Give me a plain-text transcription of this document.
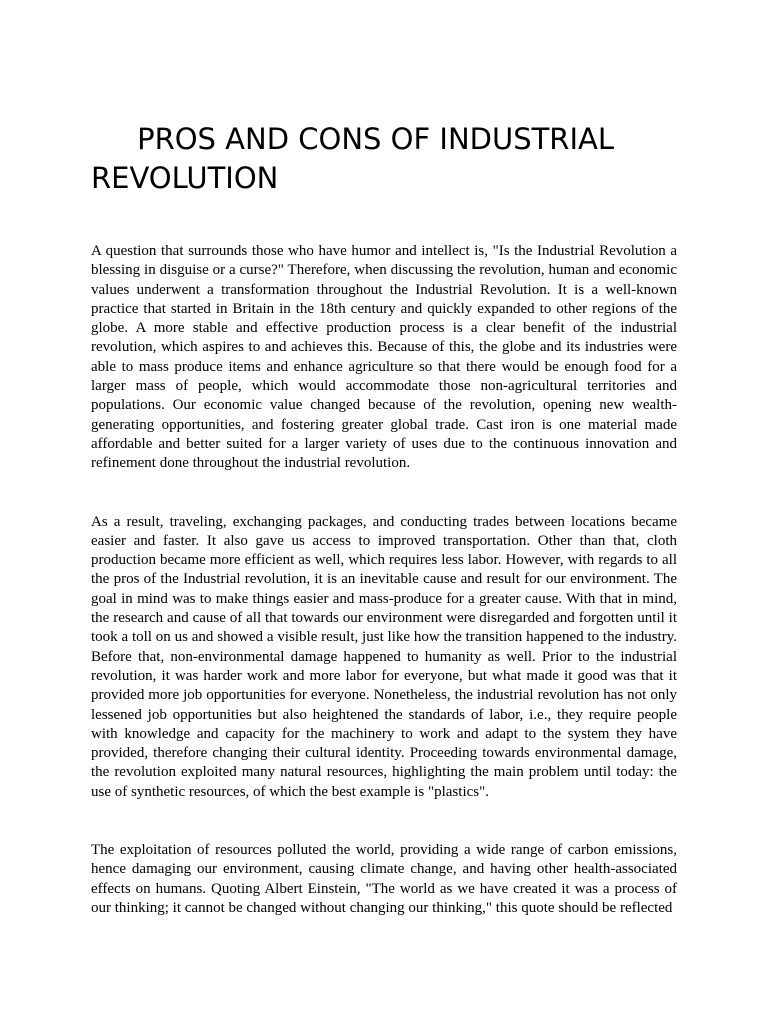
PROS AND CONS OF INDUSTRIAL REVOLUTION

A question that surrounds those who have humor and intellect is, "Is the Industrial Revolution a blessing in disguise or a curse?" Therefore, when discussing the revolution, human and economic values underwent a transformation throughout the Industrial Revolution. It is a well-known practice that started in Britain in the 18th century and quickly expanded to other regions of the globe. A more stable and effective production process is a clear benefit of the industrial revolution, which aspires to and achieves this. Because of this, the globe and its industries were able to mass produce items and enhance agriculture so that there would be enough food for a larger mass of people, which would accommodate those non-agricultural territories and populations. Our economic value changed because of the revolution, opening new wealth-generating opportunities, and fostering greater global trade. Cast iron is one material made affordable and better suited for a larger variety of uses due to the continuous innovation and refinement done throughout the industrial revolution.

As a result, traveling, exchanging packages, and conducting trades between locations became easier and faster. It also gave us access to improved transportation. Other than that, cloth production became more efficient as well, which requires less labor. However, with regards to all the pros of the Industrial revolution, it is an inevitable cause and result for our environment. The goal in mind was to make things easier and mass-produce for a greater cause. With that in mind, the research and cause of all that towards our environment were disregarded and forgotten until it took a toll on us and showed a visible result, just like how the transition happened to the industry. Before that, non-environmental damage happened to humanity as well. Prior to the industrial revolution, it was harder work and more labor for everyone, but what made it good was that it provided more job opportunities for everyone. Nonetheless, the industrial revolution has not only lessened job opportunities but also heightened the standards of labor, i.e., they require people with knowledge and capacity for the machinery to work and adapt to the system they have provided, therefore changing their cultural identity. Proceeding towards environmental damage, the revolution exploited many natural resources, highlighting the main problem until today: the use of synthetic resources, of which the best example is "plastics".

The exploitation of resources polluted the world, providing a wide range of carbon emissions, hence damaging our environment, causing climate change, and having other health-associated effects on humans. Quoting Albert Einstein, "The world as we have created it was a process of our thinking; it cannot be changed without changing our thinking," this quote should be reflected
